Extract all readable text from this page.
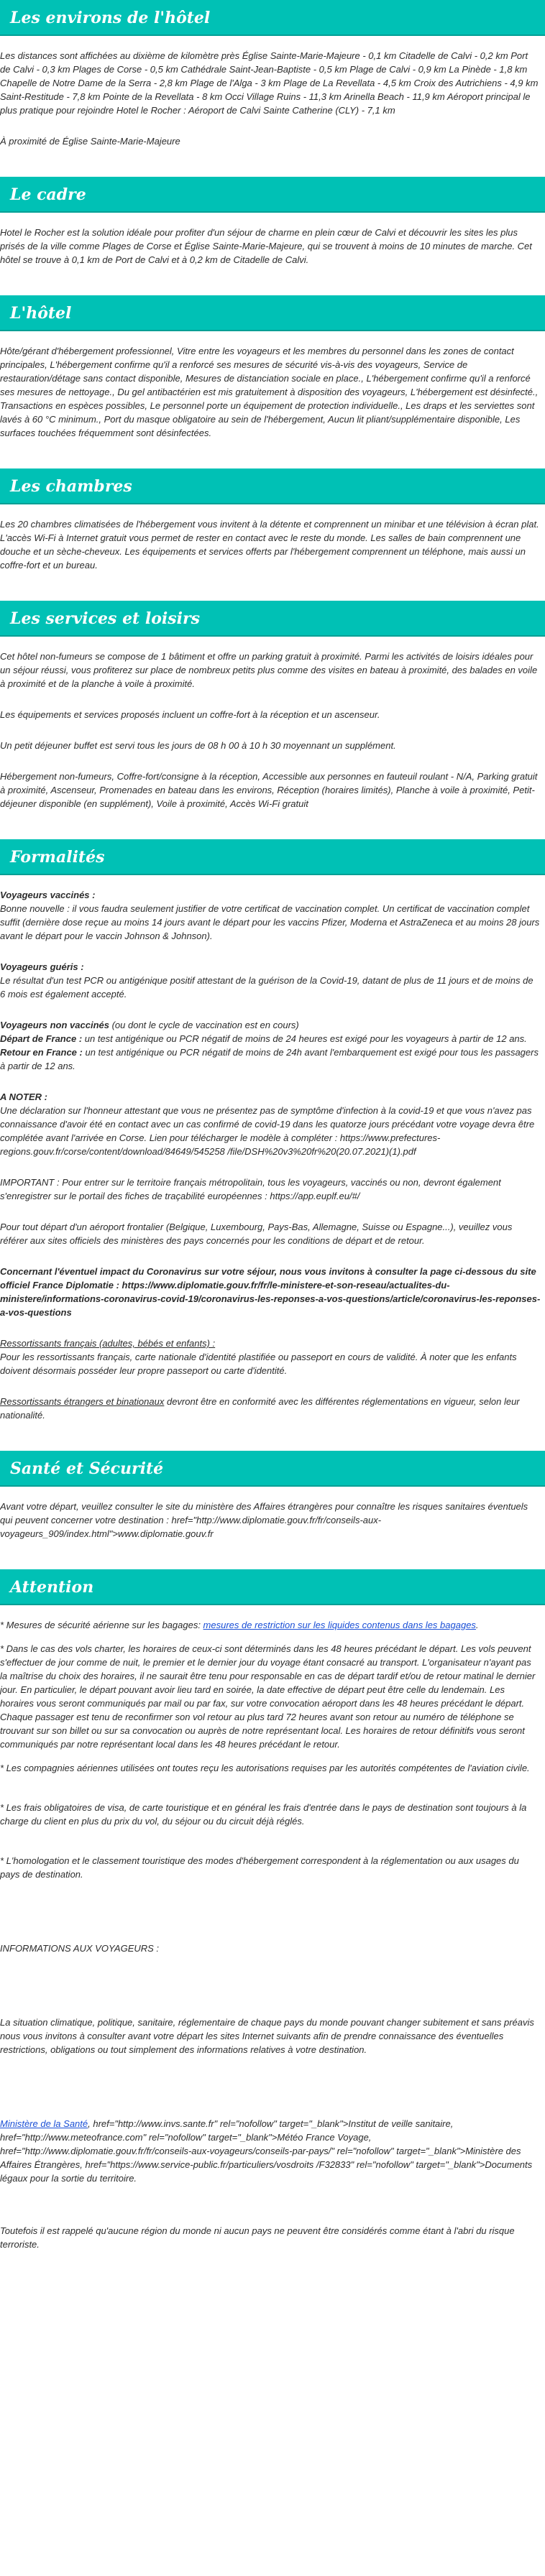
Les environs de l'hôtel

Les distances sont affichées au dixième de kilomètre près Église Sainte-Marie-Majeure - 0,1 km Citadelle de Calvi - 0,2 km Port de Calvi - 0,3 km Plages de Corse - 0,5 km Cathédrale Saint-Jean-Baptiste - 0,5 km Plage de Calvi - 0,9 km La Pinède - 1,8 km Chapelle de Notre Dame de la Serra - 2,8 km Plage de l'Alga - 3 km Plage de La Revellata - 4,5 km Croix des Autrichiens - 4,9 km Saint-Restitude - 7,8 km Pointe de la Revellata - 8 km Occi Village Ruins - 11,3 km Arinella Beach - 11,9 km Aéroport principal le plus pratique pour rejoindre Hotel le Rocher : Aéroport de Calvi Sainte Catherine (CLY) - 7,1 km

À proximité de Église Sainte-Marie-Majeure

Le cadre

Hotel le Rocher est la solution idéale pour profiter d'un séjour de charme en plein cœur de Calvi et découvrir les sites les plus prisés de la ville comme Plages de Corse et Église Sainte-Marie-Majeure, qui se trouvent à moins de 10 minutes de marche. Cet hôtel se trouve à 0,1 km de Port de Calvi et à 0,2 km de Citadelle de Calvi.

L'hôtel

Hôte/gérant d'hébergement professionnel, Vitre entre les voyageurs et les membres du personnel dans les zones de contact principales, L'hébergement confirme qu'il a renforcé ses mesures de sécurité vis-à-vis des voyageurs, Service de restauration/détage sans contact disponible, Mesures de distanciation sociale en place., L'hébergement confirme qu'il a renforcé ses mesures de nettoyage., Du gel antibactérien est mis gratuitement à disposition des voyageurs, L'hébergement est désinfecté., Transactions en espèces possibles, Le personnel porte un équipement de protection individuelle., Les draps et les serviettes sont lavés à 60 °C minimum., Port du masque obligatoire au sein de l'hébergement, Aucun lit pliant/supplémentaire disponible, Les surfaces touchées fréquemment sont désinfectées.

Les chambres

Les 20 chambres climatisées de l'hébergement vous invitent à la détente et comprennent un minibar et une télévision à écran plat. L'accès Wi-Fi à Internet gratuit vous permet de rester en contact avec le reste du monde. Les salles de bain comprennent une douche et un sèche-cheveux. Les équipements et services offerts par l'hébergement comprennent un téléphone, mais aussi un coffre-fort et un bureau.

Les services et loisirs

Cet hôtel non-fumeurs se compose de 1 bâtiment et offre un parking gratuit à proximité. Parmi les activités de loisirs idéales pour un séjour réussi, vous profiterez sur place de nombreux petits plus comme des visites en bateau à proximité, des balades en voile à proximité et de la planche à voile à proximité.

Les équipements et services proposés incluent un coffre-fort à la réception et un ascenseur.

Un petit déjeuner buffet est servi tous les jours de 08 h 00 à 10 h 30 moyennant un supplément.

Hébergement non-fumeurs, Coffre-fort/consigne à la réception, Accessible aux personnes en fauteuil roulant - N/A, Parking gratuit à proximité, Ascenseur, Promenades en bateau dans les environs, Réception (horaires limités), Planche à voile à proximité, Petit-déjeuner disponible (en supplément), Voile à proximité, Accès Wi-Fi gratuit

Formalités

Voyageurs vaccinés :
Bonne nouvelle : il vous faudra seulement justifier de votre certificat de vaccination complet. Un certificat de vaccination complet suffit (dernière dose reçue au moins 14 jours avant le départ pour les vaccins Pfizer, Moderna et AstraZeneca et au moins 28 jours avant le départ pour le vaccin Johnson & Johnson).

Voyageurs guéris :
Le résultat d'un test PCR ou antigénique positif attestant de la guérison de la Covid-19, datant de plus de 11 jours et de moins de 6 mois est également accepté.

Voyageurs non vaccinés (ou dont le cycle de vaccination est en cours)
Départ de France : un test antigénique ou PCR négatif de moins de 24 heures est exigé pour les voyageurs à partir de 12 ans.
Retour en France : un test antigénique ou PCR négatif de moins de 24h avant l'embarquement est exigé pour tous les passagers à partir de 12 ans.

A NOTER :
Une déclaration sur l'honneur attestant que vous ne présentez pas de symptôme d'infection à la covid-19 et que vous n'avez pas connaissance d'avoir été en contact avec un cas confirmé de covid-19 dans les quatorze jours précédant votre voyage devra être complétée avant l'arrivée en Corse. Lien pour télécharger le modèle à compléter : https://www.prefectures-regions.gouv.fr/corse/content/download/84649/545258 /file/DSH%20v3%20fr%20(20.07.2021)(1).pdf

IMPORTANT : Pour entrer sur le territoire français métropolitain, tous les voyageurs, vaccinés ou non, devront également s'enregistrer sur le portail des fiches de traçabilité européennes : https://app.euplf.eu/#/

Pour tout départ d'un aéroport frontalier (Belgique, Luxembourg, Pays-Bas, Allemagne, Suisse ou Espagne...), veuillez vous référer aux sites officiels des ministères des pays concernés pour les conditions de départ et de retour.

Concernant l'éventuel impact du Coronavirus sur votre séjour, nous vous invitons à consulter la page ci-dessous du site officiel France Diplomatie : https://www.diplomatie.gouv.fr/fr/le-ministere-et-son-reseau/actualites-du-ministere/informations-coronavirus-covid-19/coronavirus-les-reponses-a-vos-questions/article/coronavirus-les-reponses-a-vos-questions

Ressortissants français (adultes, bébés et enfants) :
Pour les ressortissants français, carte nationale d'identité plastifiée ou passeport en cours de validité. À noter que les enfants doivent désormais posséder leur propre passeport ou carte d'identité.

Ressortissants étrangers et binationaux devront être en conformité avec les différentes réglementations en vigueur, selon leur nationalité.

Santé et Sécurité

Avant votre départ, veuillez consulter le site du ministère des Affaires étrangères pour connaître les risques sanitaires éventuels qui peuvent concerner votre destination : href="http://www.diplomatie.gouv.fr/fr/conseils-aux-voyageurs_909/index.html">www.diplomatie.gouv.fr

Attention

* Mesures de sécurité aérienne sur les bagages: mesures de restriction sur les liquides contenus dans les bagages.

* Dans le cas des vols charter, les horaires de ceux-ci sont déterminés dans les 48 heures précédant le départ. Les vols peuvent s'effectuer de jour comme de nuit, le premier et le dernier jour du voyage étant consacré au transport. L'organisateur n'ayant pas la maîtrise du choix des horaires, il ne saurait être tenu pour responsable en cas de départ tardif et/ou de retour matinal le dernier jour. En particulier, le départ pouvant avoir lieu tard en soirée, la date effective de départ peut être celle du lendemain. Les horaires vous seront communiqués par mail ou par fax, sur votre convocation aéroport dans les 48 heures précédant le départ. Chaque passager est tenu de reconfirmer son vol retour au plus tard 72 heures avant son retour au numéro de téléphone se trouvant sur son billet ou sur sa convocation ou auprès de notre représentant local. Les horaires de retour définitifs vous seront communiqués par notre représentant local dans les 48 heures précédant le retour.

* Les compagnies aériennes utilisées ont toutes reçu les autorisations requises par les autorités compétentes de l'aviation civile.

* Les frais obligatoires de visa, de carte touristique et en général les frais d'entrée dans le pays de destination sont toujours à la charge du client en plus du prix du vol, du séjour ou du circuit déjà réglés.

* L'homologation et le classement touristique des modes d'hébergement correspondent à la réglementation ou aux usages du pays de destination.

INFORMATIONS AUX VOYAGEURS :

La situation climatique, politique, sanitaire, réglementaire de chaque pays du monde pouvant changer subitement et sans préavis nous vous invitons à consulter avant votre départ les sites Internet suivants afin de prendre connaissance des éventuelles restrictions, obligations ou tout simplement des informations relatives à votre destination.

Ministère de la Santé, href="http://www.invs.sante.fr" rel="nofollow" target="_blank">Institut de veille sanitaire, href="http://www.meteofrance.com" rel="nofollow" target="_blank">Météo France Voyage, href="http://www.diplomatie.gouv.fr/fr/conseils-aux-voyageurs/conseils-par-pays/" rel="nofollow" target="_blank">Ministère des Affaires Étrangères, href="https://www.service-public.fr/particuliers/vosdroits /F32833" rel="nofollow" target="_blank">Documents légaux pour la sortie du territoire.

Toutefois il est rappelé qu'aucune région du monde ni aucun pays ne peuvent être considérés comme étant à l'abri du risque terroriste.
